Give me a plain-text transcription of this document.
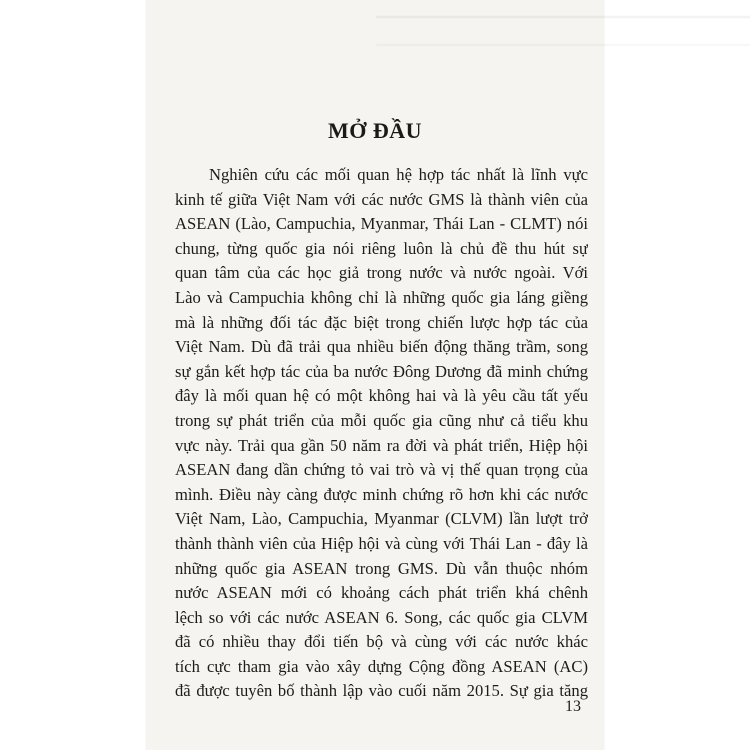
MỞ ĐẦU
Nghiên cứu các mối quan hệ hợp tác nhất là lĩnh vực
kinh tế giữa Việt Nam với các nước GMS là thành viên của
ASEAN (Lào, Campuchia, Myanmar, Thái Lan - CLMT) nói
chung, từng quốc gia nói riêng luôn là chủ đề thu hút sự
quan tâm của các học giả trong nước và nước ngoài. Với
Lào và Campuchia không chỉ là những quốc gia láng giềng
mà là những đối tác đặc biệt trong chiến lược hợp tác của
Việt Nam. Dù đã trải qua nhiều biến động thăng trầm, song
sự gắn kết hợp tác của ba nước Đông Dương đã minh chứng
đây là mối quan hệ có một không hai và là yêu cầu tất yếu
trong sự phát triển của mỗi quốc gia cũng như cả tiểu khu
vực này. Trải qua gần 50 năm ra đời và phát triển, Hiệp hội
ASEAN đang dần chứng tỏ vai trò và vị thế quan trọng của
mình. Điều này càng được minh chứng rõ hơn khi các nước
Việt Nam, Lào, Campuchia, Myanmar (CLVM) lần lượt trở
thành thành viên của Hiệp hội và cùng với Thái Lan - đây là
những quốc gia ASEAN trong GMS. Dù vẫn thuộc nhóm
nước ASEAN mới có khoảng cách phát triển khá chênh
lệch so với các nước ASEAN 6. Song, các quốc gia CLVM
đã có nhiều thay đổi tiến bộ và cùng với các nước khác
tích cực tham gia vào xây dựng Cộng đồng ASEAN (AC)
đã được tuyên bố thành lập vào cuối năm 2015. Sự gia tăng
13
